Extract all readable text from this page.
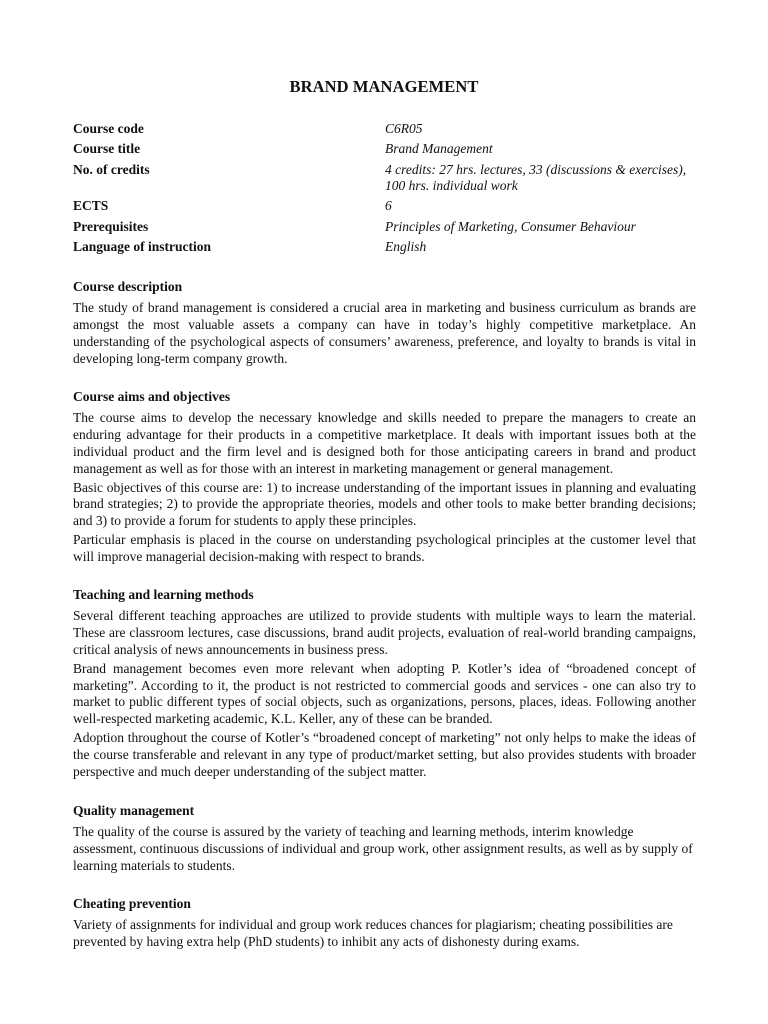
BRAND MANAGEMENT
Course code	C6R05
Course title	Brand Management
No. of credits	4 credits: 27 hrs. lectures, 33 (discussions & exercises),
100 hrs. individual work
ECTS	6
Prerequisites	Principles of Marketing, Consumer Behaviour
Language of instruction	English
Course description

The study of brand management is considered a crucial area in marketing and business curriculum as brands are amongst the most valuable assets a company can have in today’s highly competitive marketplace. An understanding of the psychological aspects of consumers’ awareness, preference, and loyalty to brands is vital in developing long-term company growth.

Course aims and objectives

The course aims to develop the necessary knowledge and skills needed to prepare the managers to create an enduring advantage for their products in a competitive marketplace. It deals with important issues both at the individual product and the firm level and is designed both for those anticipating careers in brand and product management as well as for those with an interest in marketing management or general management.

Basic objectives of this course are: 1) to increase understanding of the important issues in planning and evaluating brand strategies; 2) to provide the appropriate theories, models and other tools to make better branding decisions; and 3) to provide a forum for students to apply these principles.

Particular emphasis is placed in the course on understanding psychological principles at the customer level that will improve managerial decision-making with respect to brands.

Teaching and learning methods

Several different teaching approaches are utilized to provide students with multiple ways to learn the material. These are classroom lectures, case discussions, brand audit projects, evaluation of real-world branding campaigns, critical analysis of news announcements in business press.

Brand management becomes even more relevant when adopting P. Kotler’s idea of “broadened concept of marketing”. According to it, the product is not restricted to commercial goods and services - one can also try to market to public different types of social objects, such as organizations, persons, places, ideas. Following another well-respected marketing academic, K.L. Keller, any of these can be branded.

Adoption throughout the course of Kotler’s “broadened concept of marketing” not only helps to make the ideas of the course transferable and relevant in any type of product/market setting, but also provides students with broader perspective and much deeper understanding of the subject matter.

Quality management

The quality of the course is assured by the variety of teaching and learning methods, interim knowledge assessment, continuous discussions of individual and group work, other assignment results, as well as by supply of learning materials to students.

Cheating prevention

Variety of assignments for individual and group work reduces chances for plagiarism; cheating possibilities are prevented by having extra help (PhD students) to inhibit any acts of dishonesty during exams.
